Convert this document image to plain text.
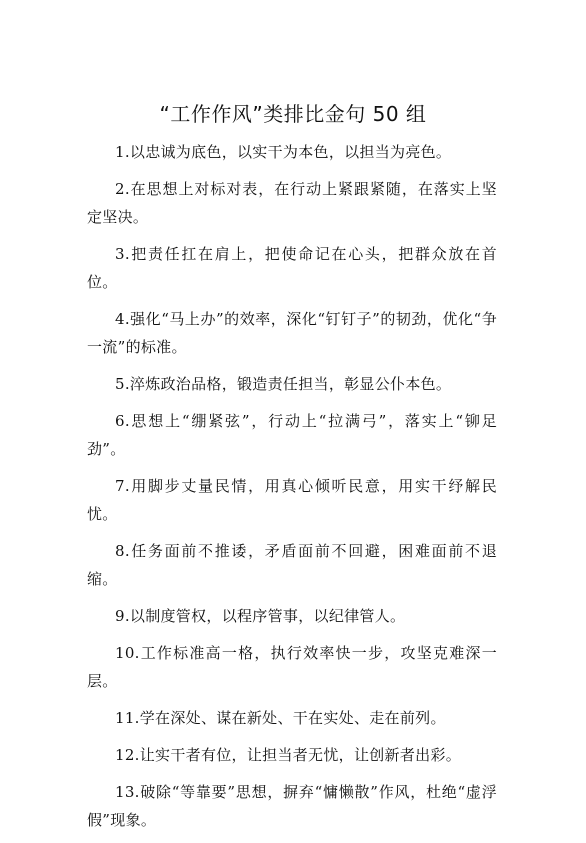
“工作作风”类排比金句 50 组

1.以忠诚为底色，以实干为本色，以担当为亮色。

2.在思想上对标对表，在行动上紧跟紧随，在落实上坚定坚决。

3.把责任扛在肩上，把使命记在心头，把群众放在首位。

4.强化“马上办”的效率，深化“钉钉子”的韧劲，优化“争一流”的标准。

5.淬炼政治品格，锻造责任担当，彰显公仆本色。

6.思想上“绷紧弦”，行动上“拉满弓”，落实上“铆足劲”。

7.用脚步丈量民情，用真心倾听民意，用实干纾解民忧。

8.任务面前不推诿，矛盾面前不回避，困难面前不退缩。

9.以制度管权，以程序管事，以纪律管人。

10.工作标准高一格，执行效率快一步，攻坚克难深一层。

11.学在深处、谋在新处、干在实处、走在前列。

12.让实干者有位，让担当者无忧，让创新者出彩。

13.破除“等靠要”思想，摒弃“慵懒散”作风，杜绝“虚浮假”现象。
